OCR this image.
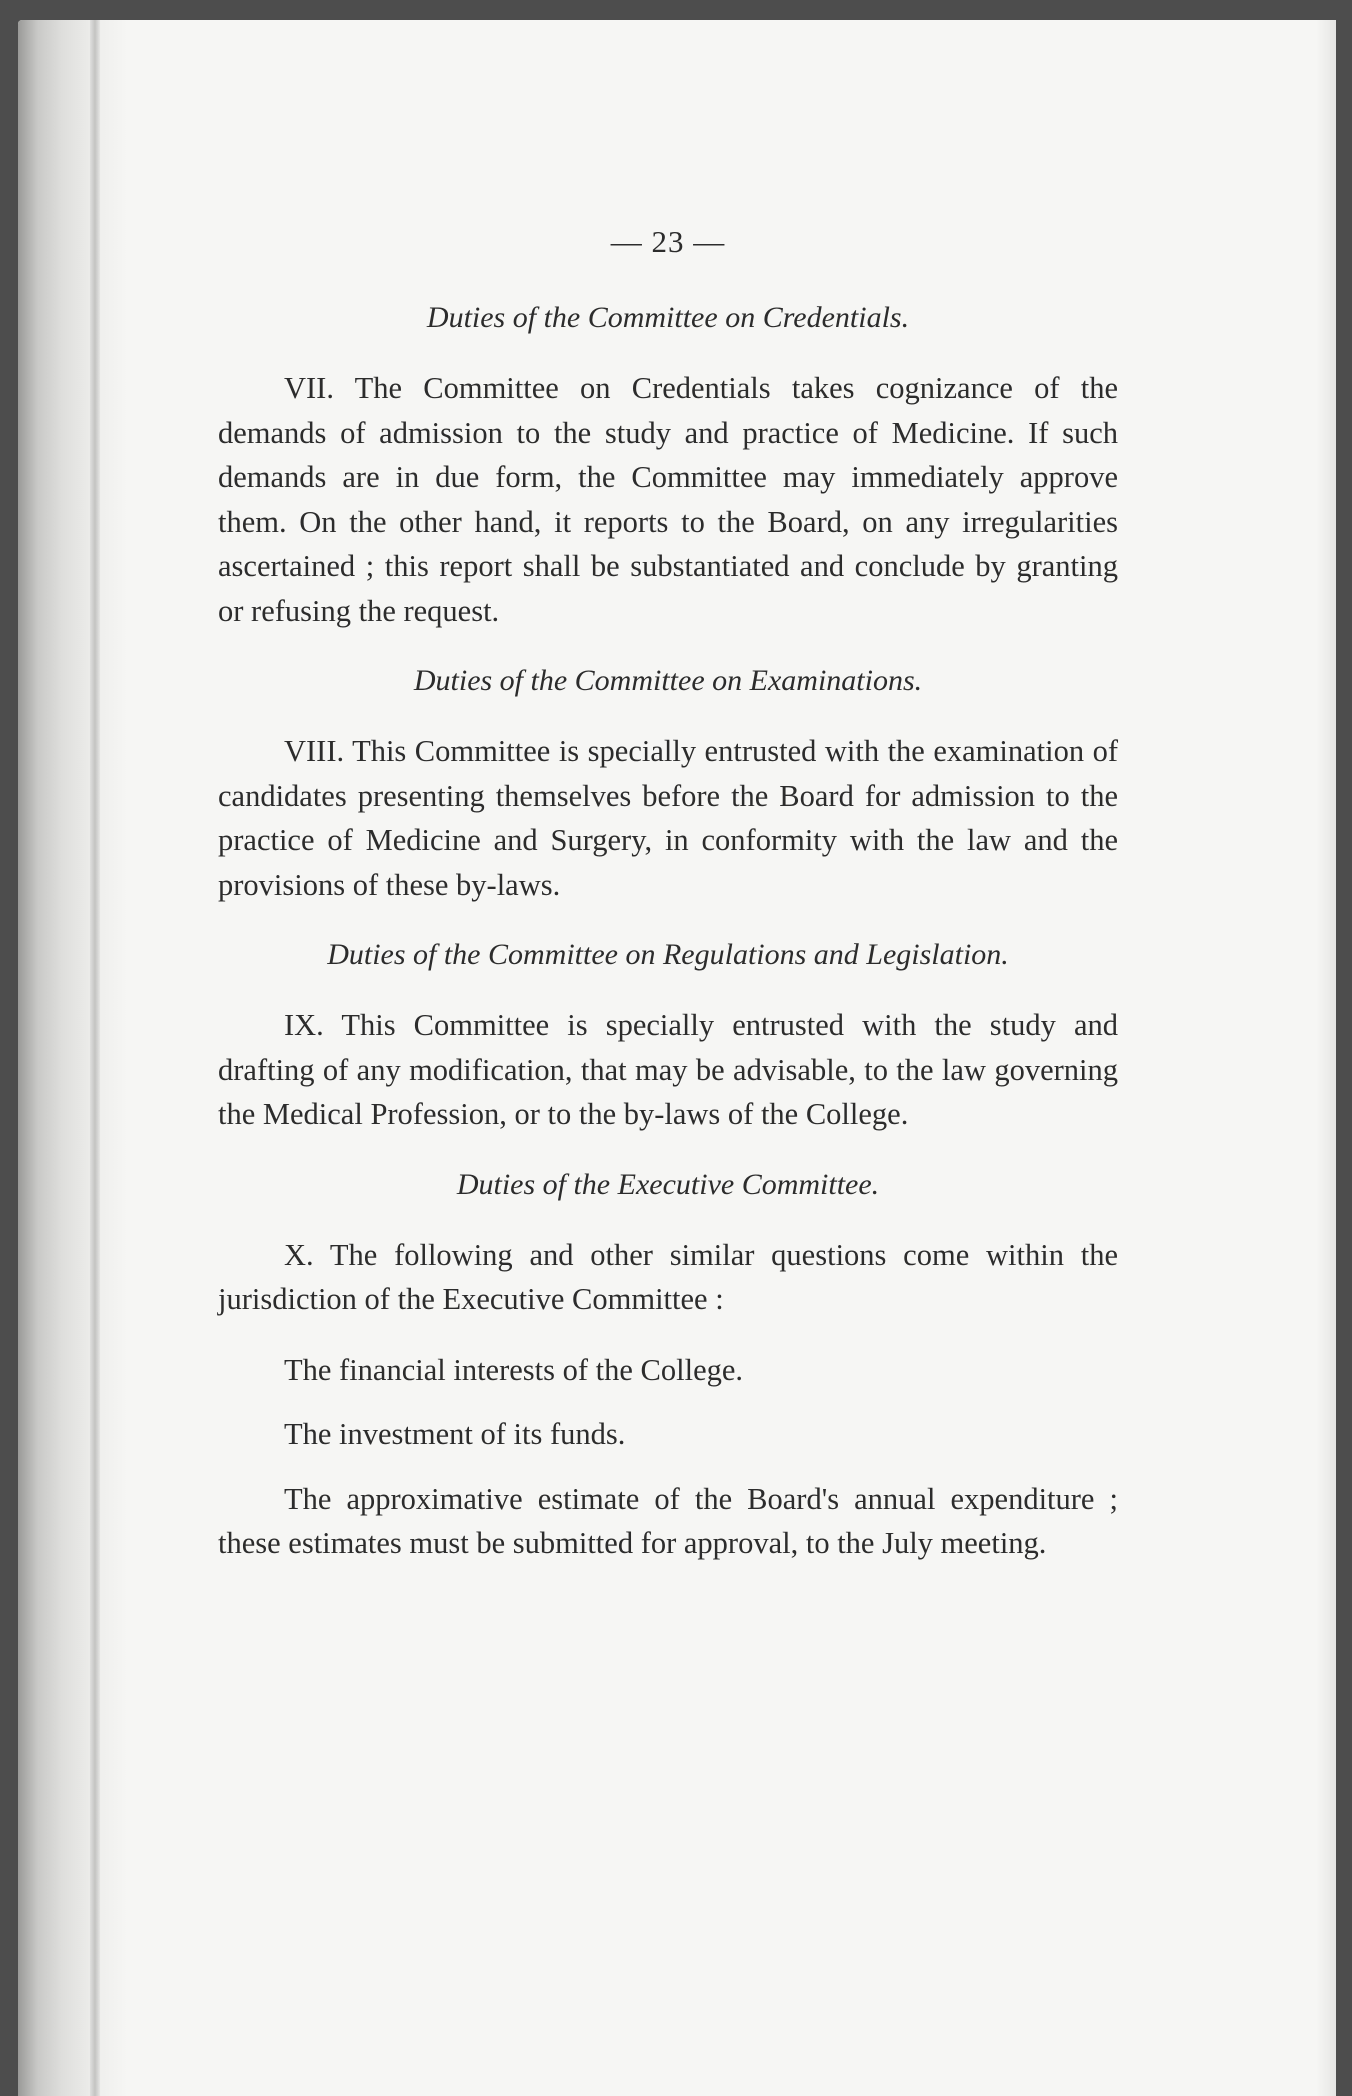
— 23 —
Duties of the Committee on Credentials.

VII. The Committee on Credentials takes cognizance of the demands of admission to the study and practice of Medicine. If such demands are in due form, the Committee may immediately approve them. On the other hand, it reports to the Board, on any irregularities ascertained ; this report shall be substantiated and conclude by granting or refusing the request.

Duties of the Committee on Examinations.

VIII. This Committee is specially entrusted with the examination of candidates presenting themselves before the Board for admission to the practice of Medicine and Surgery, in conformity with the law and the provisions of these by-laws.

Duties of the Committee on Regulations and Legislation.

IX. This Committee is specially entrusted with the study and drafting of any modification, that may be advisable, to the law governing the Medical Profession, or to the by-laws of the College.

Duties of the Executive Committee.

X. The following and other similar questions come within the jurisdiction of the Executive Committee :

The financial interests of the College.

The investment of its funds.

The approximative estimate of the Board's annual expenditure ; these estimates must be submitted for approval, to the July meeting.
